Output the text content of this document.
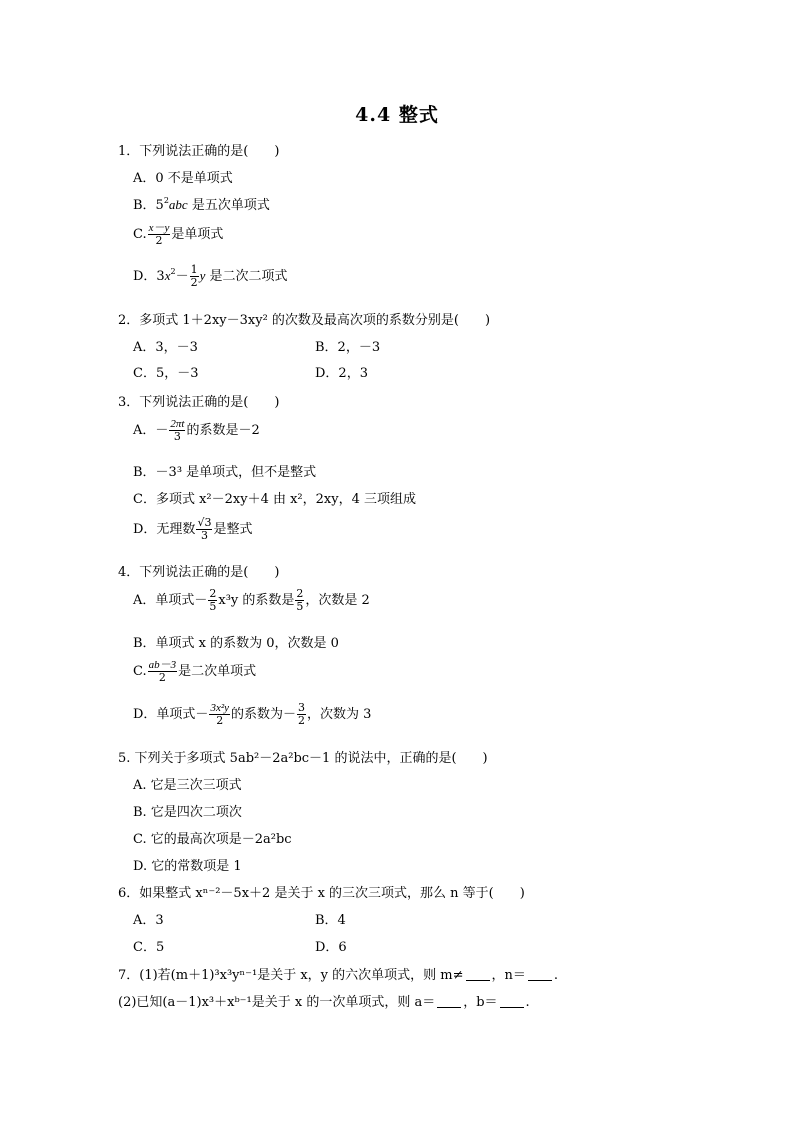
4.4 整式
1．下列说法正确的是(　　)
A．0 不是单项式
B．$5^2abc$ 是五次单项式
C. $\frac{x-y}{2}$ 是单项式
D．$3x^2- \frac{1}{2}$ y 是二次二项式
2．多项式 1＋2xy－3xy² 的次数及最高次项的系数分别是(　　)
A．3，－3	B．2，－3
C．5，－3	D．2，3
3．下列说法正确的是(　　)
A．－ $\frac{2\pi t}{3}$ 的系数是－2
B．－3³ 是单项式，但不是整式
C．多项式 x²－2xy＋4 由 x²，2xy，4 三项组成
D．无理数 $\frac{√3}{3}$ 是整式
4．下列说法正确的是(　　)
A．单项式－ $\frac{2}{5} x^3y$ 的系数是 $\frac{2}{5}$ ，次数是 2
B．单项式 x 的系数为 0，次数是 0
C. $\frac{ab-3}{2}$ 是二次单项式
D．单项式－ $\frac{\text{3x²y}}{2}$ 的系数为－ $\frac{3}{2}$ ，次数为 3
5. 下列关于多项式 5ab²－2a²bc－1 的说法中，正确的是(　　)
A. 它是三次三项式
B. 它是四次二项次
C. 它的最高次项是－2a²bc
D. 它的常数项是 1
6．如果整式 xⁿ⁻²－5x＋2 是关于 x 的三次三项式，那么 n 等于(　　)
A．3	B．4
C．5	D．6
7．(1)若(m＋1)³x³yⁿ⁻¹是关于 x，y 的六次单项式，则 m≠ ，n＝ .
(2)已知(a－1)x³＋xᵇ⁻¹是关于 x 的一次单项式，则 a＝ ，b＝ .
